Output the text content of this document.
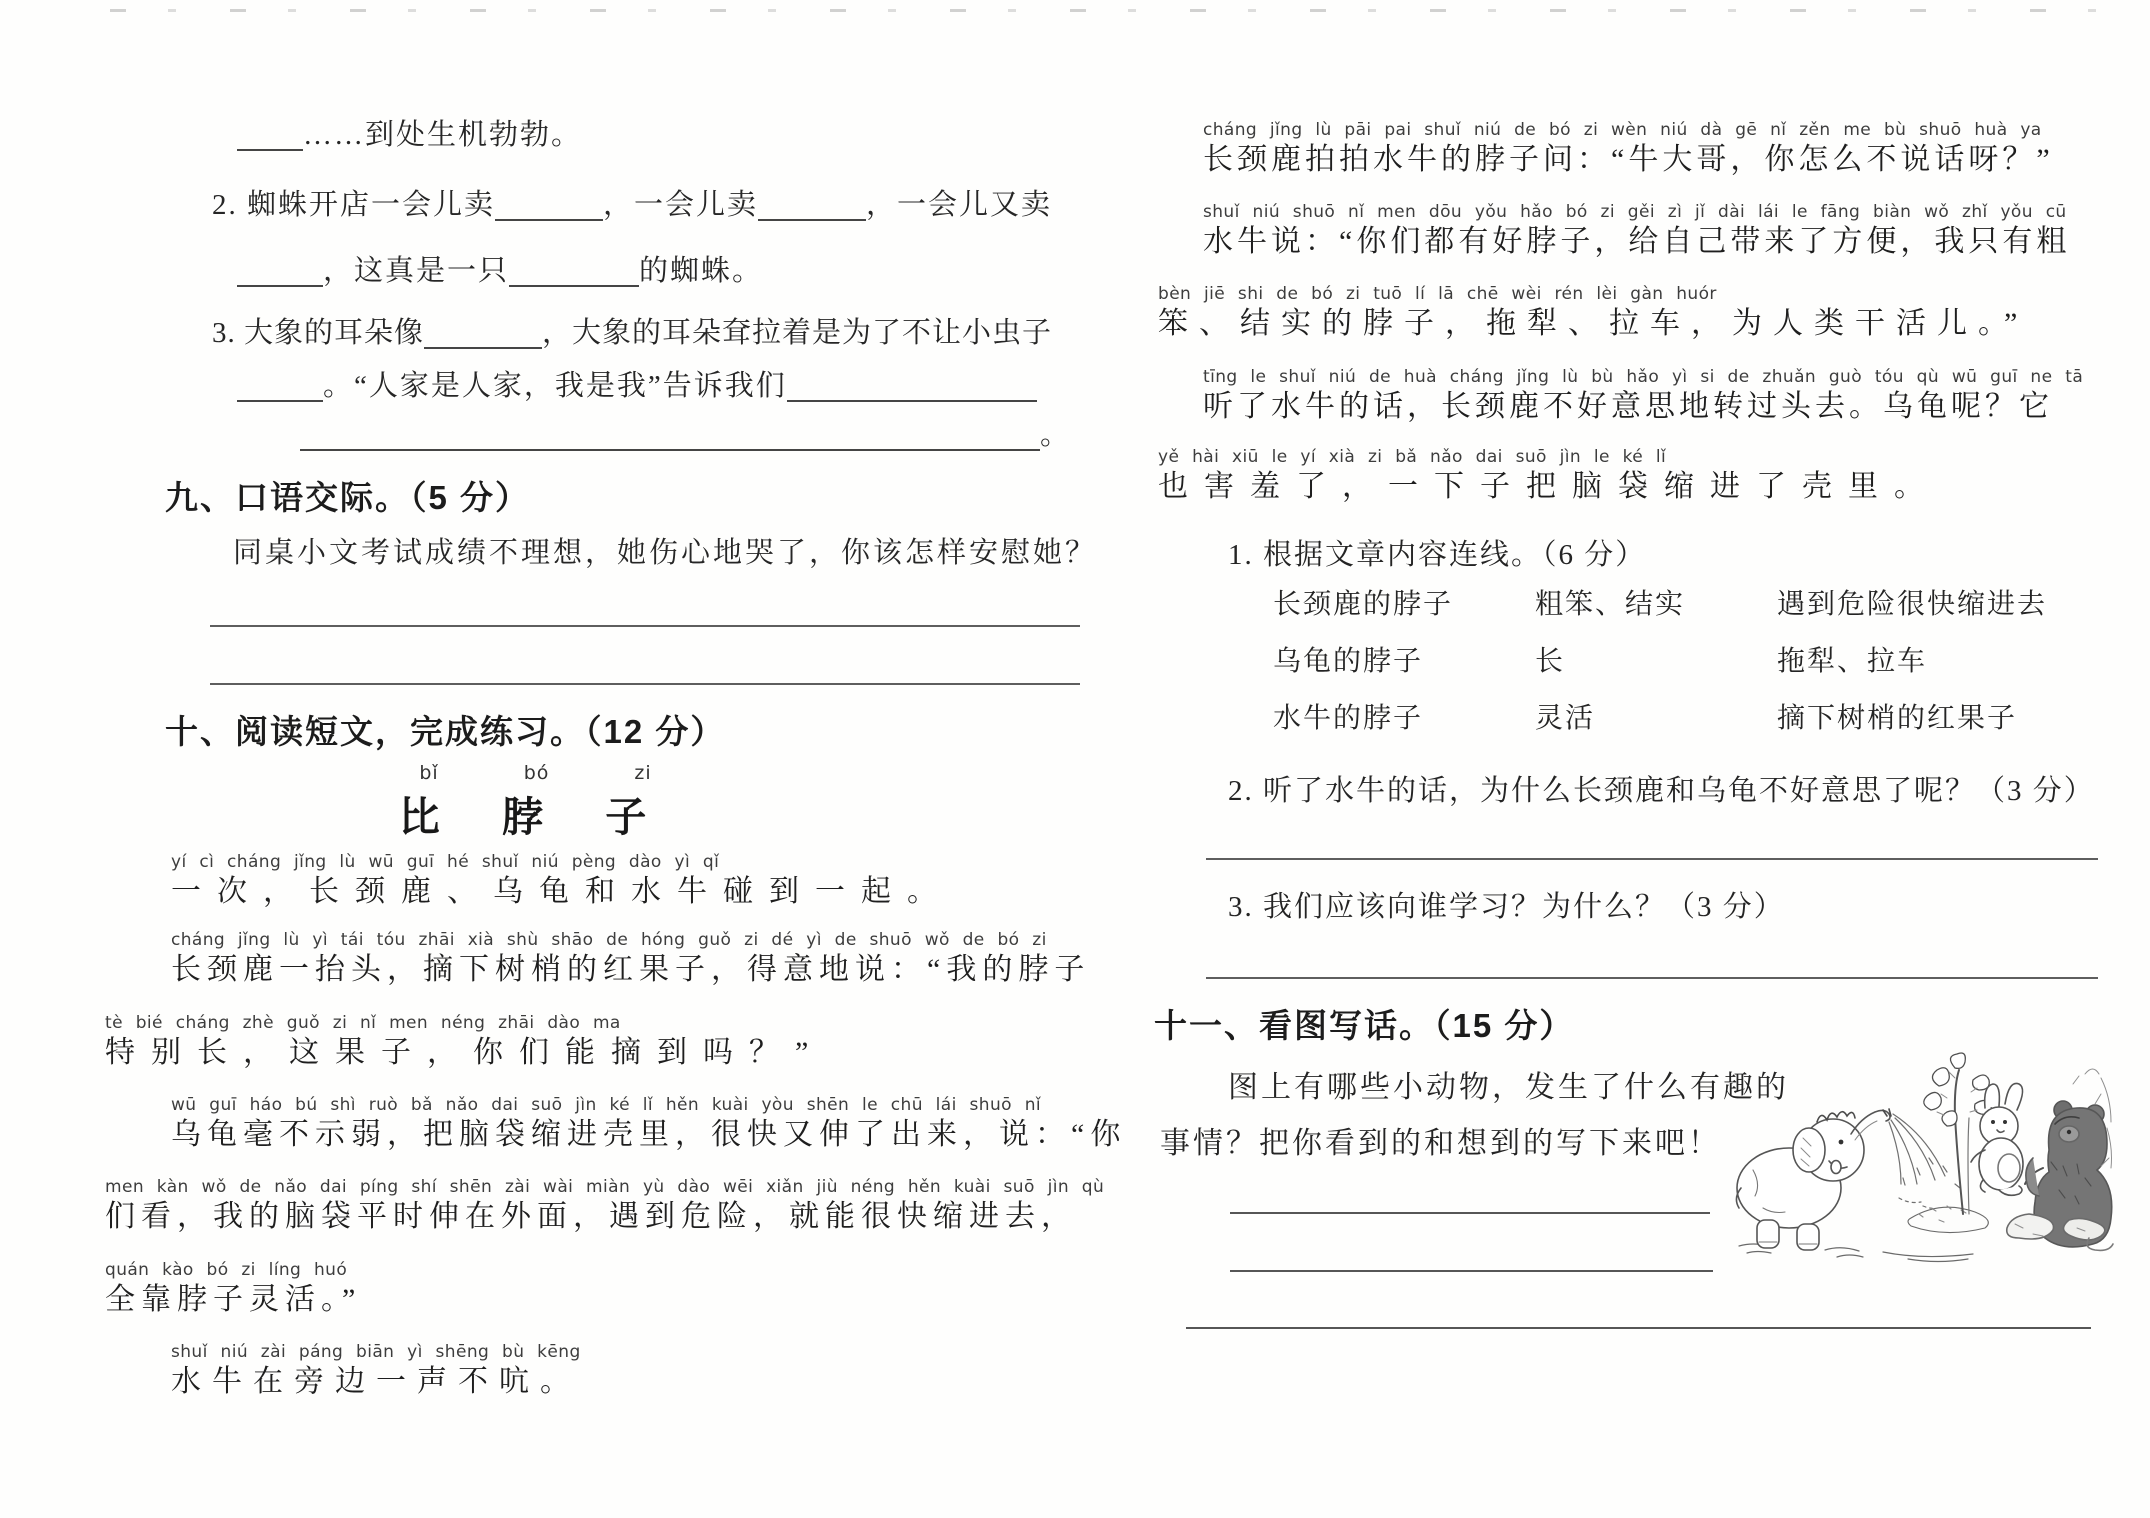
……到处生机勃勃。
2. 蜘蛛开店一会儿卖	，一会儿卖	，一会儿又卖
，这真是一只	的蜘蛛。
3. 大象的耳朵像	，大象的耳朵耷拉着是为了不让小虫子
。“人家是人家，我是我”告诉我们
。
九、口语交际。（5 分）
同桌小文考试成绩不理想，她伤心地哭了，你该怎样安慰她？
十、阅读短文，完成练习。（12 分）
bǐ bó zi
比 脖 子
yí cì cháng jǐng lù wū guī hé shuǐ niú pèng dào yì qǐ
一次，长颈鹿、乌龟和水牛碰到一起。
cháng jǐng lù yì tái tóu zhāi xià shù shāo de hóng guǒ zi dé yì de shuō wǒ de bó zi
长颈鹿一抬头，摘下树梢的红果子，得意地说：“我的脖子
tè bié cháng zhè guǒ zi nǐ men néng zhāi dào ma
特别长，这果子，你们能摘到吗？”
wū guī háo bú shì ruò bǎ nǎo dai suō jìn ké lǐ hěn kuài yòu shēn le chū lái shuō nǐ
乌龟毫不示弱，把脑袋缩进壳里，很快又伸了出来，说：“你
men kàn wǒ de nǎo dai píng shí shēn zài wài miàn yù dào wēi xiǎn jiù néng hěn kuài suō jìn qù
们看，我的脑袋平时伸在外面，遇到危险，就能很快缩进去，
quán kào bó zi líng huó
全靠脖子灵活。”
shuǐ niú zài páng biān yì shēng bù kēng
水牛在旁边一声不吭。
cháng jǐng lù pāi pai shuǐ niú de bó zi wèn niú dà gē nǐ zěn me bù shuō huà ya
长颈鹿拍拍水牛的脖子问：“牛大哥，你怎么不说话呀？”
shuǐ niú shuō nǐ men dōu yǒu hǎo bó zi gěi zì jǐ dài lái le fāng biàn wǒ zhǐ yǒu cū
水牛说：“你们都有好脖子，给自己带来了方便，我只有粗
bèn jiē shi de bó zi tuō lí lā chē wèi rén lèi gàn huór
笨、结实的脖子，拖犁、拉车，为人类干活儿。”
tīng le shuǐ niú de huà cháng jǐng lù bù hǎo yì si de zhuǎn guò tóu qù wū guī ne tā
听了水牛的话，长颈鹿不好意思地转过头去。乌龟呢？它
yě hài xiū le yí xià zi bǎ nǎo dai suō jìn le ké lǐ
也害羞了，一下子把脑袋缩进了壳里。
1. 根据文章内容连线。（6 分）
长颈鹿的脖子	粗笨、结实	遇到危险很快缩进去
乌龟的脖子	长	拖犁、拉车
水牛的脖子	灵活	摘下树梢的红果子
2. 听了水牛的话，为什么长颈鹿和乌龟不好意思了呢？（3 分）
3. 我们应该向谁学习？为什么？（3 分）
十一、看图写话。（15 分）
图上有哪些小动物，发生了什么有趣的
事情？把你看到的和想到的写下来吧！
